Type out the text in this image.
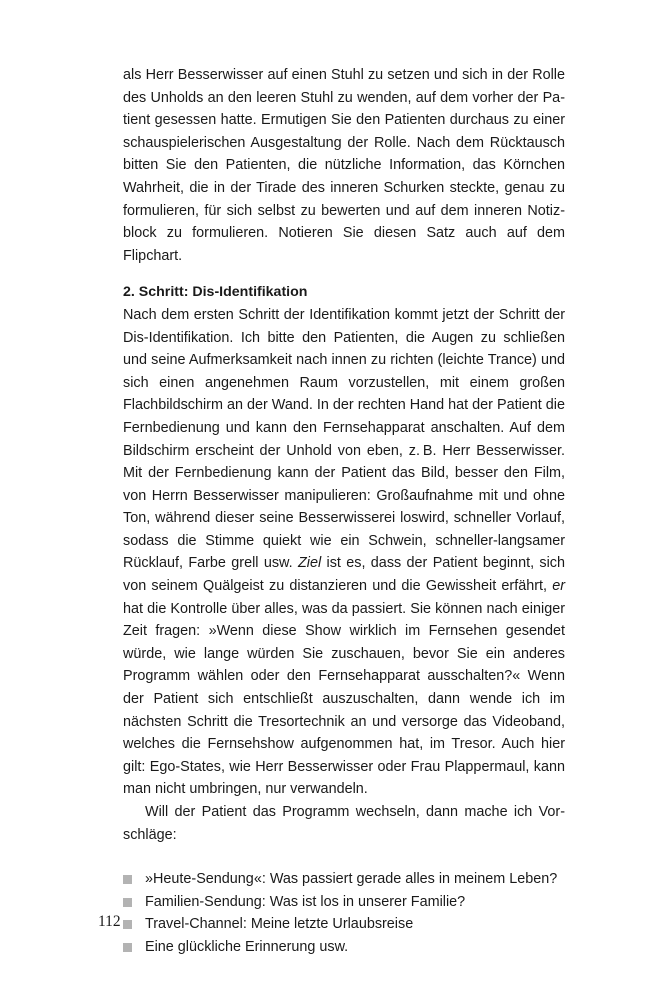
als Herr Besserwisser auf einen Stuhl zu setzen und sich in der Rolle des Unholds an den leeren Stuhl zu wenden, auf dem vorher der Patient gesessen hatte. Ermutigen Sie den Patienten durchaus zu einer schauspielerischen Ausgestaltung der Rolle. Nach dem Rücktausch bitten Sie den Patienten, die nützliche Information, das Körnchen Wahrheit, die in der Tirade des inneren Schurken steckte, genau zu formulieren, für sich selbst zu bewerten und auf dem inneren Notizblock zu formulieren. Notieren Sie diesen Satz auch auf dem Flipchart.

2. Schritt: Dis-Identifikation

Nach dem ersten Schritt der Identifikation kommt jetzt der Schritt der Dis-Identifikation. Ich bitte den Patienten, die Augen zu schließen und seine Aufmerksamkeit nach innen zu richten (leichte Trance) und sich einen angenehmen Raum vorzustellen, mit einem großen Flachbildschirm an der Wand. In der rechten Hand hat der Patient die Fernbedienung und kann den Fernsehapparat anschalten. Auf dem Bildschirm erscheint der Unhold von eben, z. B. Herr Besserwisser. Mit der Fernbedienung kann der Patient das Bild, besser den Film, von Herrn Besserwisser manipulieren: Großaufnahme mit und ohne Ton, während dieser seine Besserwisserei loswird, schneller Vorlauf, sodass die Stimme quiekt wie ein Schwein, schneller-langsamer Rücklauf, Farbe grell usw. Ziel ist es, dass der Patient beginnt, sich von seinem Quälgeist zu distanzieren und die Gewissheit erfährt, er hat die Kontrolle über alles, was da passiert. Sie können nach einiger Zeit fragen: »Wenn diese Show wirklich im Fernsehen gesendet würde, wie lange würden Sie zuschauen, bevor Sie ein anderes Programm wählen oder den Fernsehapparat ausschalten?« Wenn der Patient sich entschließt auszuschalten, dann wende ich im nächsten Schritt die Tresortechnik an und versorge das Videoband, welches die Fernsehshow aufgenommen hat, im Tresor. Auch hier gilt: Ego-States, wie Herr Besserwisser oder Frau Plappermaul, kann man nicht umbringen, nur verwandeln.

Will der Patient das Programm wechseln, dann mache ich Vorschläge:

»Heute-Sendung«: Was passiert gerade alles in meinem Leben?
Familien-Sendung: Was ist los in unserer Familie?
Travel-Channel: Meine letzte Urlaubsreise
Eine glückliche Erinnerung usw.
112
